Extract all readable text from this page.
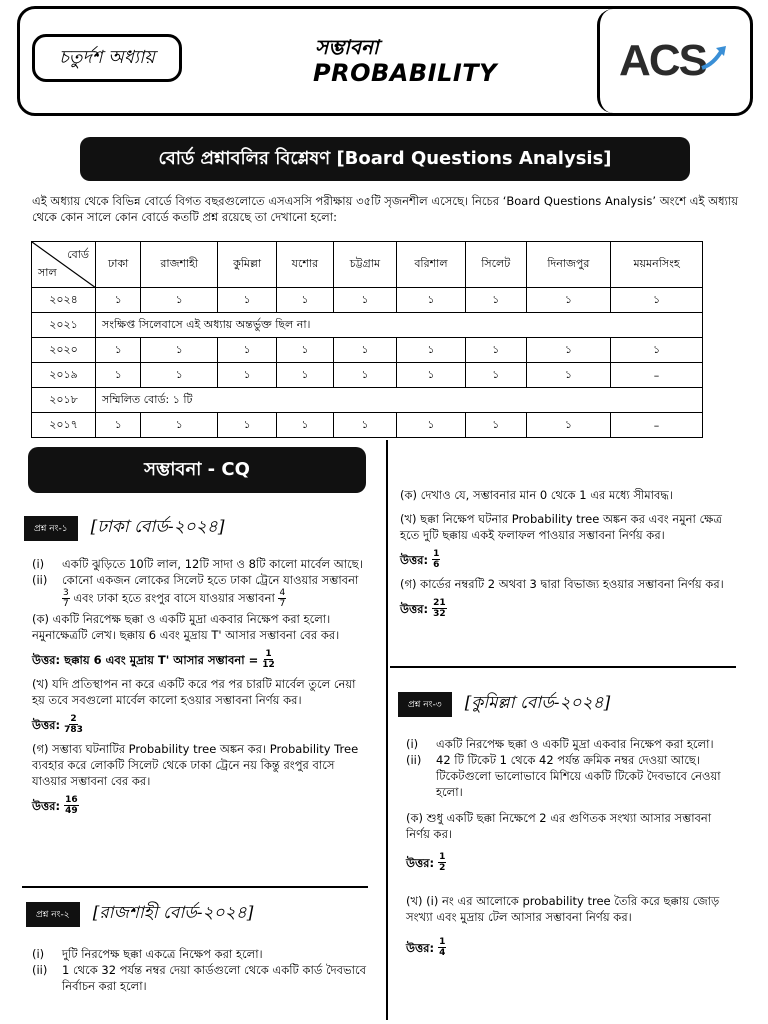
চতুর্দশ অধ্যায়	সম্ভাবনা
PROBABILITY	ACS
বোর্ড প্রশ্নাবলির বিশ্লেষণ [Board Questions Analysis]
এই অধ্যায় থেকে বিভিন্ন বোর্ডে বিগত বছরগুলোতে এসএসসি পরীক্ষায় ৩৫টি সৃজনশীল এসেছে। নিচের ‘Board Questions Analysis’ অংশে এই অধ্যায় থেকে কোন সালে কোন বোর্ডে কতটি প্রশ্ন রয়েছে তা দেখানো হলো:
বোর্ড
সাল	ঢাকা	রাজশাহী	কুমিল্লা	যশোর	চট্টগ্রাম	বরিশাল	সিলেট	দিনাজপুর	ময়মনসিংহ
২০২৪	১	১	১	১	১	১	১	১	১
২০২১	সংক্ষিপ্ত সিলেবাসে এই অধ্যায় অন্তর্ভুক্ত ছিল না।								
২০২০	১	১	১	১	১	১	১	১	১
২০১৯	১	১	১	১	১	১	১	১	–
২০১৮	সম্মিলিত বোর্ড: ১ টি								
২০১৭	১	১	১	১	১	১	১	১	–
সম্ভাবনা - CQ
প্রশ্ন নং-১ [ঢাকা বোর্ড-২০২৪]
(i)	একটি ঝুড়িতে 10টি লাল, 12টি সাদা ও 8টি কালো মার্বেল আছে।
(ii)	কোনো একজন লোকের সিলেট হতে ঢাকা ট্রেনে যাওয়ার সম্ভাবনা
$\frac{3}{7}$ এবং ঢাকা হতে রংপুর বাসে যাওয়ার সম্ভাবনা $\frac{4}{7}$

(ক) একটি নিরপেক্ষ ছক্কা ও একটি মুদ্রা একবার নিক্ষেপ করা হলো। নমুনাক্ষেত্রটি লেখ। ছক্কায় 6 এবং মুদ্রায় T' আসার সম্ভাবনা বের কর।

উত্তর: ছক্কায় 6 এবং মুদ্রায় T' আসার সম্ভাবনা = $\frac{1}{12}$

(খ) যদি প্রতিস্থাপন না করে একটি করে পর পর চারটি মার্বেল তুলে নেয়া হয় তবে সবগুলো মার্বেল কালো হওয়ার সম্ভাবনা নির্ণয় কর।

উত্তর: $\frac{2}{783}$

(গ) সম্ভাব্য ঘটনাটির Probability tree অঙ্কন কর। Probability Tree ব্যবহার করে লোকটি সিলেট থেকে ঢাকা ট্রেনে নয় কিন্তু রংপুর বাসে যাওয়ার সম্ভাবনা বের কর।

উত্তর: $\frac{16}{49}$
প্রশ্ন নং-২ [রাজশাহী বোর্ড-২০২৪]
(i)	দুটি নিরপেক্ষ ছক্কা একত্রে নিক্ষেপ করা হলো।
(ii)	1 থেকে 32 পর্যন্ত নম্বর দেয়া কার্ডগুলো থেকে একটি কার্ড দৈবভাবে নির্বাচন করা হলো।

(ক) দেখাও যে, সম্ভাবনার মান 0 থেকে 1 এর মধ্যে সীমাবদ্ধ।

(খ) ছক্কা নিক্ষেপ ঘটনার Probability tree অঙ্কন কর এবং নমুনা ক্ষেত্র হতে দুটি ছক্কায় একই ফলাফল পাওয়ার সম্ভাবনা নির্ণয় কর।

উত্তর: $\frac{1}{6}$

(গ) কার্ডের নম্বরটি 2 অথবা 3 দ্বারা বিভাজ্য হওয়ার সম্ভাবনা নির্ণয় কর।

উত্তর: $\frac{21}{32}$
প্রশ্ন নং-৩ [কুমিল্লা বোর্ড-২০২৪]
(i)	একটি নিরপেক্ষ ছক্কা ও একটি মুদ্রা একবার নিক্ষেপ করা হলো।
(ii)	42 টি টিকেট 1 থেকে 42 পর্যন্ত ক্রমিক নম্বর দেওয়া আছে। টিকেটগুলো ভালোভাবে মিশিয়ে একটি টিকেট দৈবভাবে নেওয়া হলো।

(ক) শুধু একটি ছক্কা নিক্ষেপে 2 এর গুণিতক সংখ্যা আসার সম্ভাবনা নির্ণয় কর।

উত্তর: $\frac{1}{2}$

(খ) (i) নং এর আলোকে probability tree তৈরি করে ছক্কায় জোড় সংখ্যা এবং মুদ্রায় টেল আসার সম্ভাবনা নির্ণয় কর।

উত্তর: $\frac{1}{4}$
